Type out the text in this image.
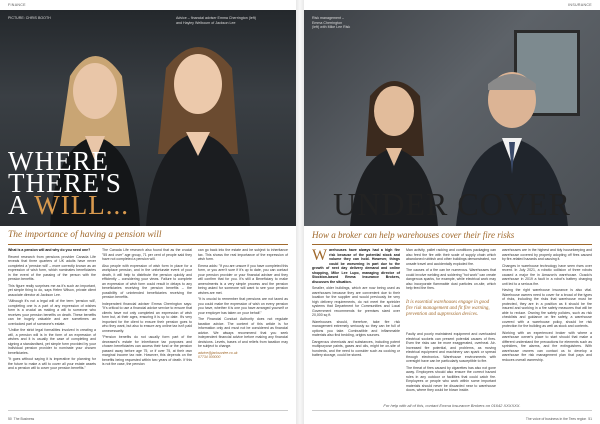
FINANCE
PICTURE: CHRIS BOOTH	Advice – financial adviser Emma Cherrington (left)
and Hayley Welbourn of Jackson Lee
WHERE
THERE'S
A WILL...
The importance of having a pension will

What is a pension will and why do you need one?

Recent research from pensions provider Canada Life reveals that three quarters of UK adults have never completed a 'pension will' – more correctly known as an expression of wish form, which nominates beneficiaries in the event of the passing of the person with the pension benefits.

This figure really surprises me as it's such an important, yet simple thing to do, says Helen Wilson, private client associate director at Jackson Lee.

"Although it's not a legal will of the term 'pension will', completing one is a part of any expression of wishes form is a crucial as making a will to someone who receives your pension benefits on death. These benefits can be hugely valuable and are sometimes an overlooked part of someone's estate.

"Unlike the strict legal formalities involved in creating a will, a pension will is in the form of an expression of wishes and it is usually the case of completing and signing a standardised, yet simple form provided by your individual pension provider to nominate your chosen beneficiaries.

"It goes without saying it is imperative for planning for the future to make a will to cover all your estate assets and a pension will to cover your pension benefits."

The Canada Life research also found that as the crucial "55 and over" age group, 71 per cent of people said they have not completed a pension will.

Also people with expression of wish form in place for a workplace pension, and in the unfortunate event of your death, it will help to distribute the pension quickly and efficiently – considering your views. Failure to complete an expression of wish form could result in delays to any beneficiaries receiving the pension benefits – the possibility of unintended beneficiaries receiving the pension benefits.

Independent financial adviser Emma Cherrington says: "It's critical to use a financial advice service to ensure that clients have not only completed an expression of wish form but, at their ages, ensuring it is up to date. It's very important for the client to ensure their pension goes to who they want, but also to ensure any online tax isn't paid unnecessarily.

"Pension benefits do not usually form part of the deceased's estate for inheritance tax purposes and chosen beneficiaries can access their fund or the pension passed away before age 75, or if over 75, at their own marginal income tax rate. However, this depends on the benefits being requested within two years of death. If this is not the case, the pension

can go back into the estate and be subject to inheritance tax. This shows the real importance of the expression of wish form.

Emma adds: "If you are unsure if you have completed this form, or you aren't sure if it's up to date, you can contact your pension provider or your financial adviser and they will confirm that for you. It's still a Beneficiary to make amendments is a very simple process and the pension being asked for someone will want to see your pension wishes are met.

"It is crucial to remember that pensions are not taxed as you could make the expression of wish on every pension you have, whether it is one you have arranged yourself or your employer has taken on your behalf."

The Financial Conduct Authority does not regulate taxation advice. The content of this article is for information only and must not be considered as financial advice. We always recommend that you seek independent financial advice before making any financial decisions. Levels, bases of and reliefs from taxation may be subject to change.

advice@jacksonlee.co.uk
07734 000000

50 The Business
INSURANCE
Risk management –
Emma Cherrington
(left) with Mike Lee Risk
UNDER COVER
How a broker can help warehouses cover their fire risks

Warehouses have always had a high fire risk because of the potential stock and volume they can hold. However, things could be worsening in part due to the growth of next day delivery demand and online shopping, Mike Lee Lupo, managing director of Stockton-based Emma Insurance Brokers, discusses the situation.

Smaller, older buildings, which are now being used as warehouses because they are convenient due to their location for the supplier and would previously be very high delivery requirements, do not meet the sprinkler systems that Department for Communities and Local Government recommends for premises sized over 20,000 sq ft.

Warehouses should, therefore, take fire risk management extremely seriously so they can be full of options you take. Combustible and inflammable materials also find bedding, origins sources.

Dangerous chemicals and substances, including potent multipurpose paints, gases and oils, might be on-site of hundreds, and the need to consider such as cooking or battery storage, could be stored.

Man activity, pallet racking and conditions packaging can also feed the fire with their scale of supply chain which abandoned rubbish and other buildings demonstrated, nor unsafe travel and accidentally exploded fire.

The causes of a fire can be numerous. Warehouses that could involve welding and soldering "hot work" can create dangerous sparks, for example, while electrical work may also incorporate flammable dust particles on-site, which help feed the fires.

It is essential warehouses engage in good fire risk management and fit fire warning, prevention and suppression devices.

Faulty and poorly maintained equipment and overloaded electrical sockets can present potential causes of fires. Even the risks can be more exaggerated, overheat. Air-Increased fire potential, and problems, as moving electrical equipment and machinery can spark or spread through electronics. Warehouse environments with oversight have can be particularly susceptible to fire.

The threat of fires caused by cigarettes has also not gone away. Employees should also ensure the correct hazard rules in any outdoor or facilities that could catch fire. Employees or people who work within some important materials should never be discarded near to warehouse doors, where they could be blown inside.

warehouses are in the highest and tidy housekeeping and warehouse covered by properly adopting off fires caused by fire-related hazards and causing it.

Changes in warehouse technology have seen rises over recent. In July 2021, a robotic collision of three robots caused a major fire in Amazon's warehouse. Ocado's warehouse in 2019 a fault in a robot's battery charging unit led to a serious fire.

Having the right warehouse insurance is also vital. Warehouse owners need to cover for a broad of the types of risks, including the risks that warehouse must be protected, they are in a position as it should be fire insured and working in a fire safety measures that will be able to reduce. Owning fire safety policies, such as risk checklists and guidance on fire safety, a warehouse covered with a warehouse policy, should be risk protection for the building as well as stock and contents.

Working with an experienced broker with where a warehouse owner's place to start should that make a different understand the precautions for elements such as sprinklers, fire alarms, and fire extinguishers. With warehouse owners can contact us to develop a warehouse fire risk management plan that pays and reduces overall ownership.

For help with all of this, contact Emma Insurance Brokers on 01642 XXXXXX.
The voice of business in the Tees region 51
